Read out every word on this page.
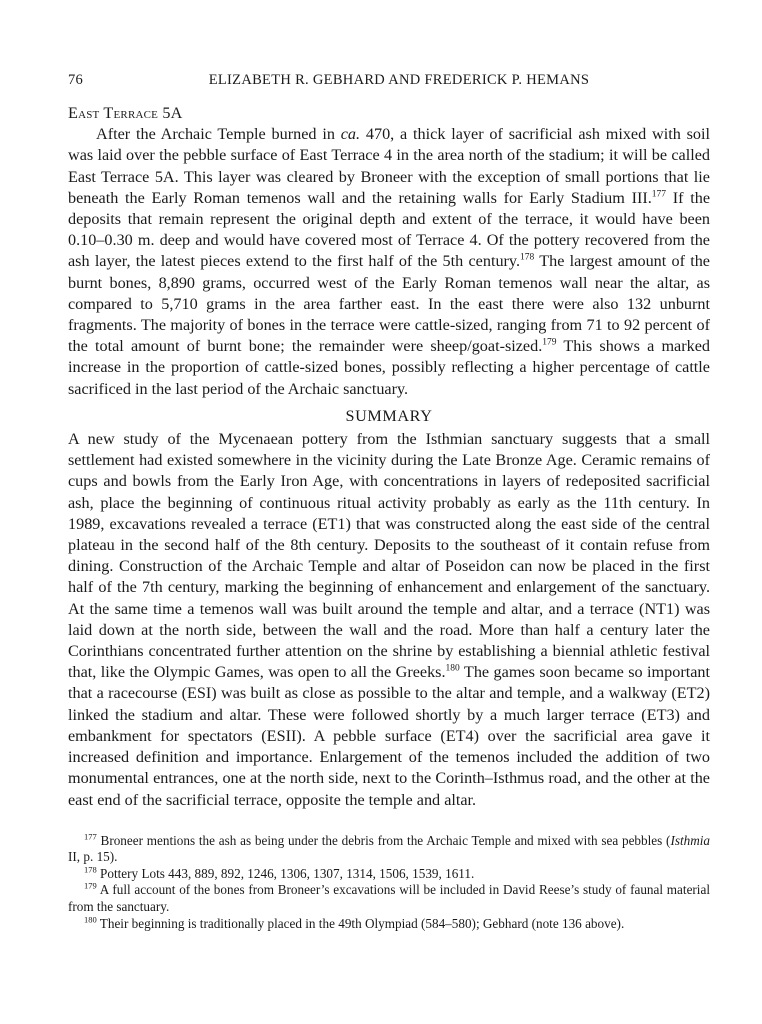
76	ELIZABETH R. GEBHARD AND FREDERICK P. HEMANS
East Terrace 5A

After the Archaic Temple burned in ca. 470, a thick layer of sacrificial ash mixed with soil was laid over the pebble surface of East Terrace 4 in the area north of the stadium; it will be called East Terrace 5A. This layer was cleared by Broneer with the exception of small portions that lie beneath the Early Roman temenos wall and the retaining walls for Early Stadium III.$^{177}$ If the deposits that remain represent the original depth and extent of the terrace, it would have been 0.10–0.30 m. deep and would have covered most of Terrace 4. Of the pottery recovered from the ash layer, the latest pieces extend to the first half of the 5th century.$^{178}$ The largest amount of the burnt bones, 8,890 grams, occurred west of the Early Roman temenos wall near the altar, as compared to 5,710 grams in the area farther east. In the east there were also 132 unburnt fragments. The majority of bones in the terrace were cattle-sized, ranging from 71 to 92 percent of the total amount of burnt bone; the remainder were sheep/goat-sized.$^{179}$ This shows a marked increase in the proportion of cattle-sized bones, possibly reflecting a higher percentage of cattle sacrificed in the last period of the Archaic sanctuary.

SUMMARY

A new study of the Mycenaean pottery from the Isthmian sanctuary suggests that a small settlement had existed somewhere in the vicinity during the Late Bronze Age. Ceramic remains of cups and bowls from the Early Iron Age, with concentrations in layers of redeposited sacrificial ash, place the beginning of continuous ritual activity probably as early as the 11th century. In 1989, excavations revealed a terrace (ET1) that was constructed along the east side of the central plateau in the second half of the 8th century. Deposits to the southeast of it contain refuse from dining. Construction of the Archaic Temple and altar of Poseidon can now be placed in the first half of the 7th century, marking the beginning of enhancement and enlargement of the sanctuary. At the same time a temenos wall was built around the temple and altar, and a terrace (NT1) was laid down at the north side, between the wall and the road. More than half a century later the Corinthians concentrated further attention on the shrine by establishing a biennial athletic festival that, like the Olympic Games, was open to all the Greeks.$^{180}$ The games soon became so important that a racecourse (ESI) was built as close as possible to the altar and temple, and a walkway (ET2) linked the stadium and altar. These were followed shortly by a much larger terrace (ET3) and embankment for spectators (ESII). A pebble surface (ET4) over the sacrificial area gave it increased definition and importance. Enlargement of the temenos included the addition of two monumental entrances, one at the north side, next to the Corinth–Isthmus road, and the other at the east end of the sacrificial terrace, opposite the temple and altar.

$^{177}$ Broneer mentions the ash as being under the debris from the Archaic Temple and mixed with sea pebbles (Isthmia II, p. 15).

$^{178}$ Pottery Lots 443, 889, 892, 1246, 1306, 1307, 1314, 1506, 1539, 1611.

$^{179}$ A full account of the bones from Broneer’s excavations will be included in David Reese’s study of faunal material from the sanctuary.

$^{180}$ Their beginning is traditionally placed in the 49th Olympiad (584–580); Gebhard (note 136 above).
